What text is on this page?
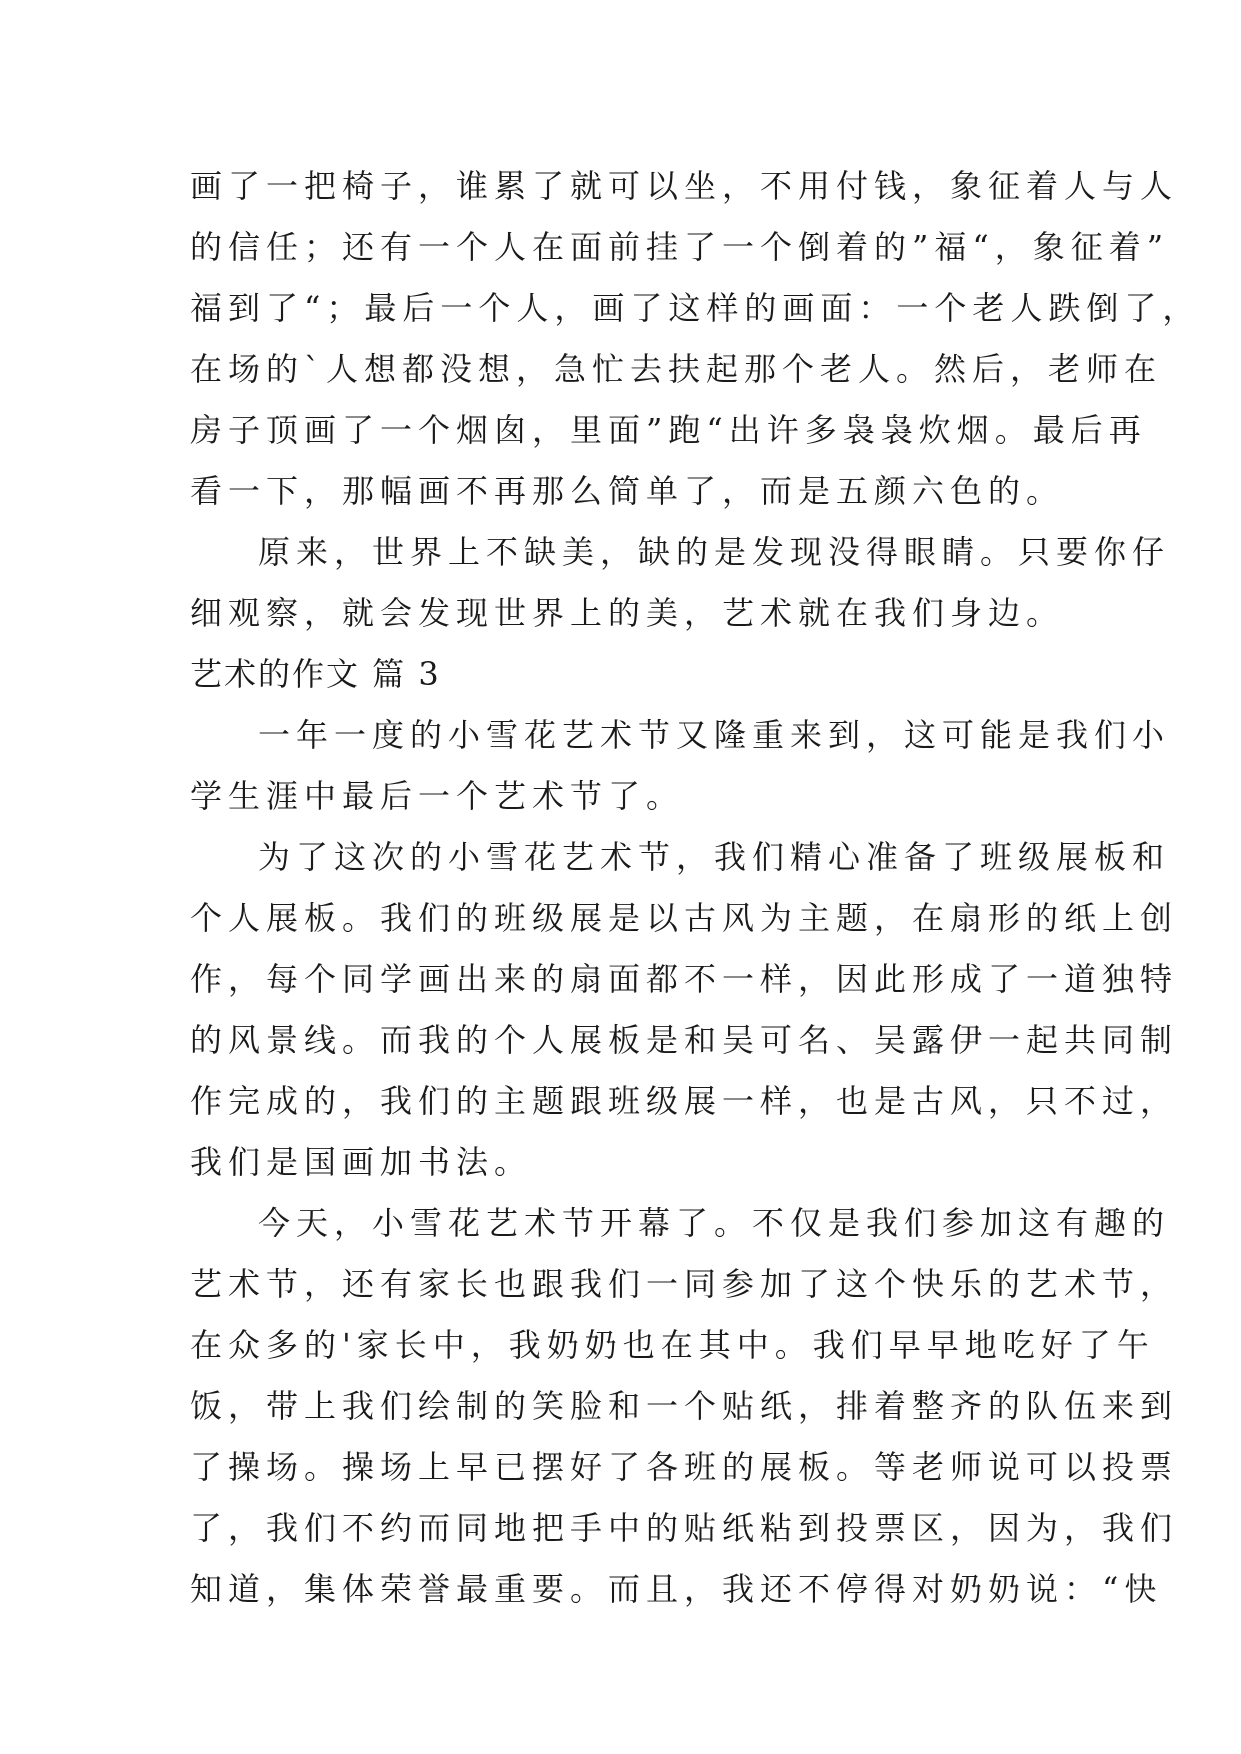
画了一把椅子，谁累了就可以坐，不用付钱，象征着人与人
的信任；还有一个人在面前挂了一个倒着的”福“，象征着”
福到了“；最后一个人，画了这样的画面：一个老人跌倒了，
在场的`人想都没想，急忙去扶起那个老人。然后，老师在
房子顶画了一个烟囱，里面”跑“出许多袅袅炊烟。最后再
看一下，那幅画不再那么简单了，而是五颜六色的。
原来，世界上不缺美，缺的是发现没得眼睛。只要你仔
细观察，就会发现世界上的美，艺术就在我们身边。
艺术的作文 篇 3
一年一度的小雪花艺术节又隆重来到，这可能是我们小
学生涯中最后一个艺术节了。
为了这次的小雪花艺术节，我们精心准备了班级展板和
个人展板。我们的班级展是以古风为主题，在扇形的纸上创
作，每个同学画出来的扇面都不一样，因此形成了一道独特
的风景线。而我的个人展板是和吴可名、吴露伊一起共同制
作完成的，我们的主题跟班级展一样，也是古风，只不过，
我们是国画加书法。
今天，小雪花艺术节开幕了。不仅是我们参加这有趣的
艺术节，还有家长也跟我们一同参加了这个快乐的艺术节，
在众多的'家长中，我奶奶也在其中。我们早早地吃好了午
饭，带上我们绘制的笑脸和一个贴纸，排着整齐的队伍来到
了操场。操场上早已摆好了各班的展板。等老师说可以投票
了，我们不约而同地把手中的贴纸粘到投票区，因为，我们
知道，集体荣誉最重要。而且，我还不停得对奶奶说：“快
